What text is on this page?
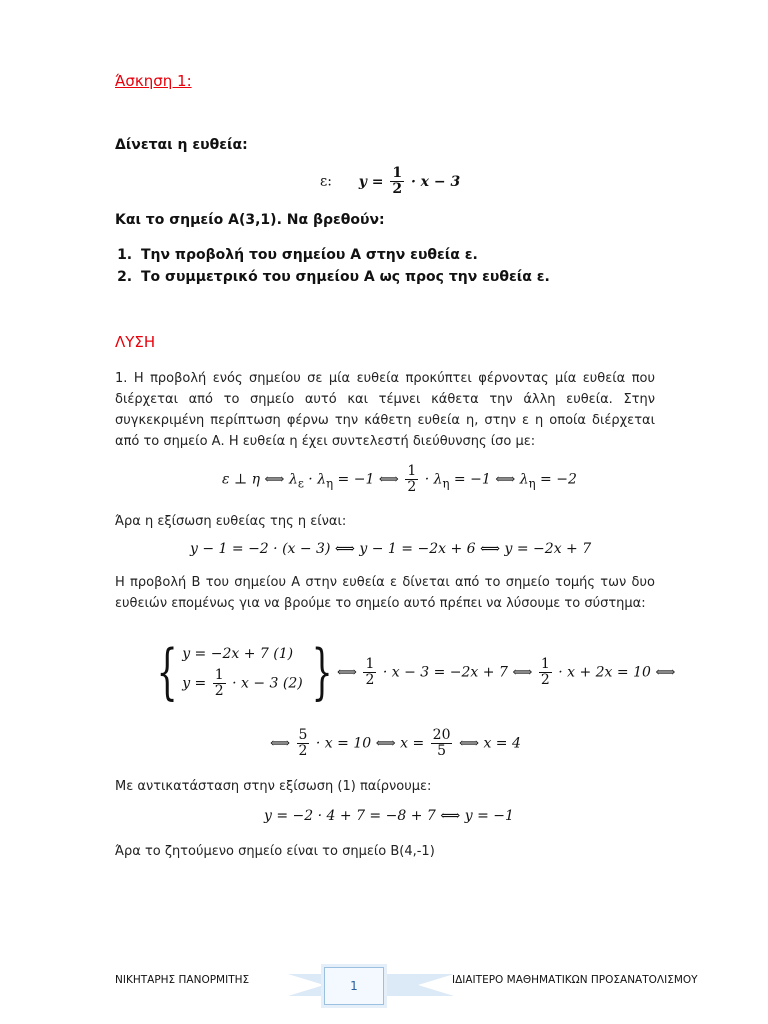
Άσκηση 1:
Δίνεται η ευθεία:
ε: $y = \frac{1}{2} \cdot x - 3$
Και το σημείο Α(3,1). Να βρεθούν:
1. Την προβολή του σημείου Α στην ευθεία ε.
2. Το συμμετρικό του σημείου Α ως προς την ευθεία ε.
ΛΥΣΗ
1. Η προβολή ενός σημείου σε μία ευθεία προκύπτει φέρνοντας μία ευθεία που διέρχεται από το σημείο αυτό και τέμνει κάθετα την άλλη ευθεία. Στην συγκεκριμένη περίπτωση φέρνω την κάθετη ευθεία η, στην ε η οποία διέρχεται από το σημείο Α. Η ευθεία η έχει συντελεστή διεύθυνσης ίσο με:
ε ⊥ η ⟺ $\lambda_\varepsilon \cdot \lambda_\eta = -1$ ⟺ $\frac{1}{2} \cdot \lambda_\eta = -1$ ⟺ $\lambda_\eta = -2$
Άρα η εξίσωση ευθείας της η είναι:
y − 1 = −2 · (x − 3) ⟺ y − 1 = −2x + 6 ⟺ y = −2x + 7
Η προβολή Β του σημείου Α στην ευθεία ε δίνεται από το σημείο τομής των δυο ευθειών επομένως για να βρούμε το σημείο αυτό πρέπει να λύσουμε το σύστημα:
{ y = −2x + 7 (1)
$y = \frac{1}{2} \cdot x - 3$ (2) } ⟺ $\frac{1}{2} \cdot x - 3 = -2x + 7$ ⟺ $\frac{1}{2} \cdot x + 2x = 10$ ⟺
⟺ $\frac{5}{2} \cdot x = 10$ ⟺ $x = \frac{20}{5}$ ⟺ x = 4
Με αντικατάσταση στην εξίσωση (1) παίρνουμε:
y = −2 · 4 + 7 = −8 + 7 ⟺ y = −1
Άρα το ζητούμενο σημείο είναι το σημείο Β(4,-1)
ΝΙΚΗΤΑΡΗΣ ΠΑΝΟΡΜΙΤΗΣ	1	ΙΔΙΑΙΤΕΡΟ ΜΑΘΗΜΑΤΙΚΩΝ ΠΡΟΣΑΝΑΤΟΛΙΣΜΟΥ
